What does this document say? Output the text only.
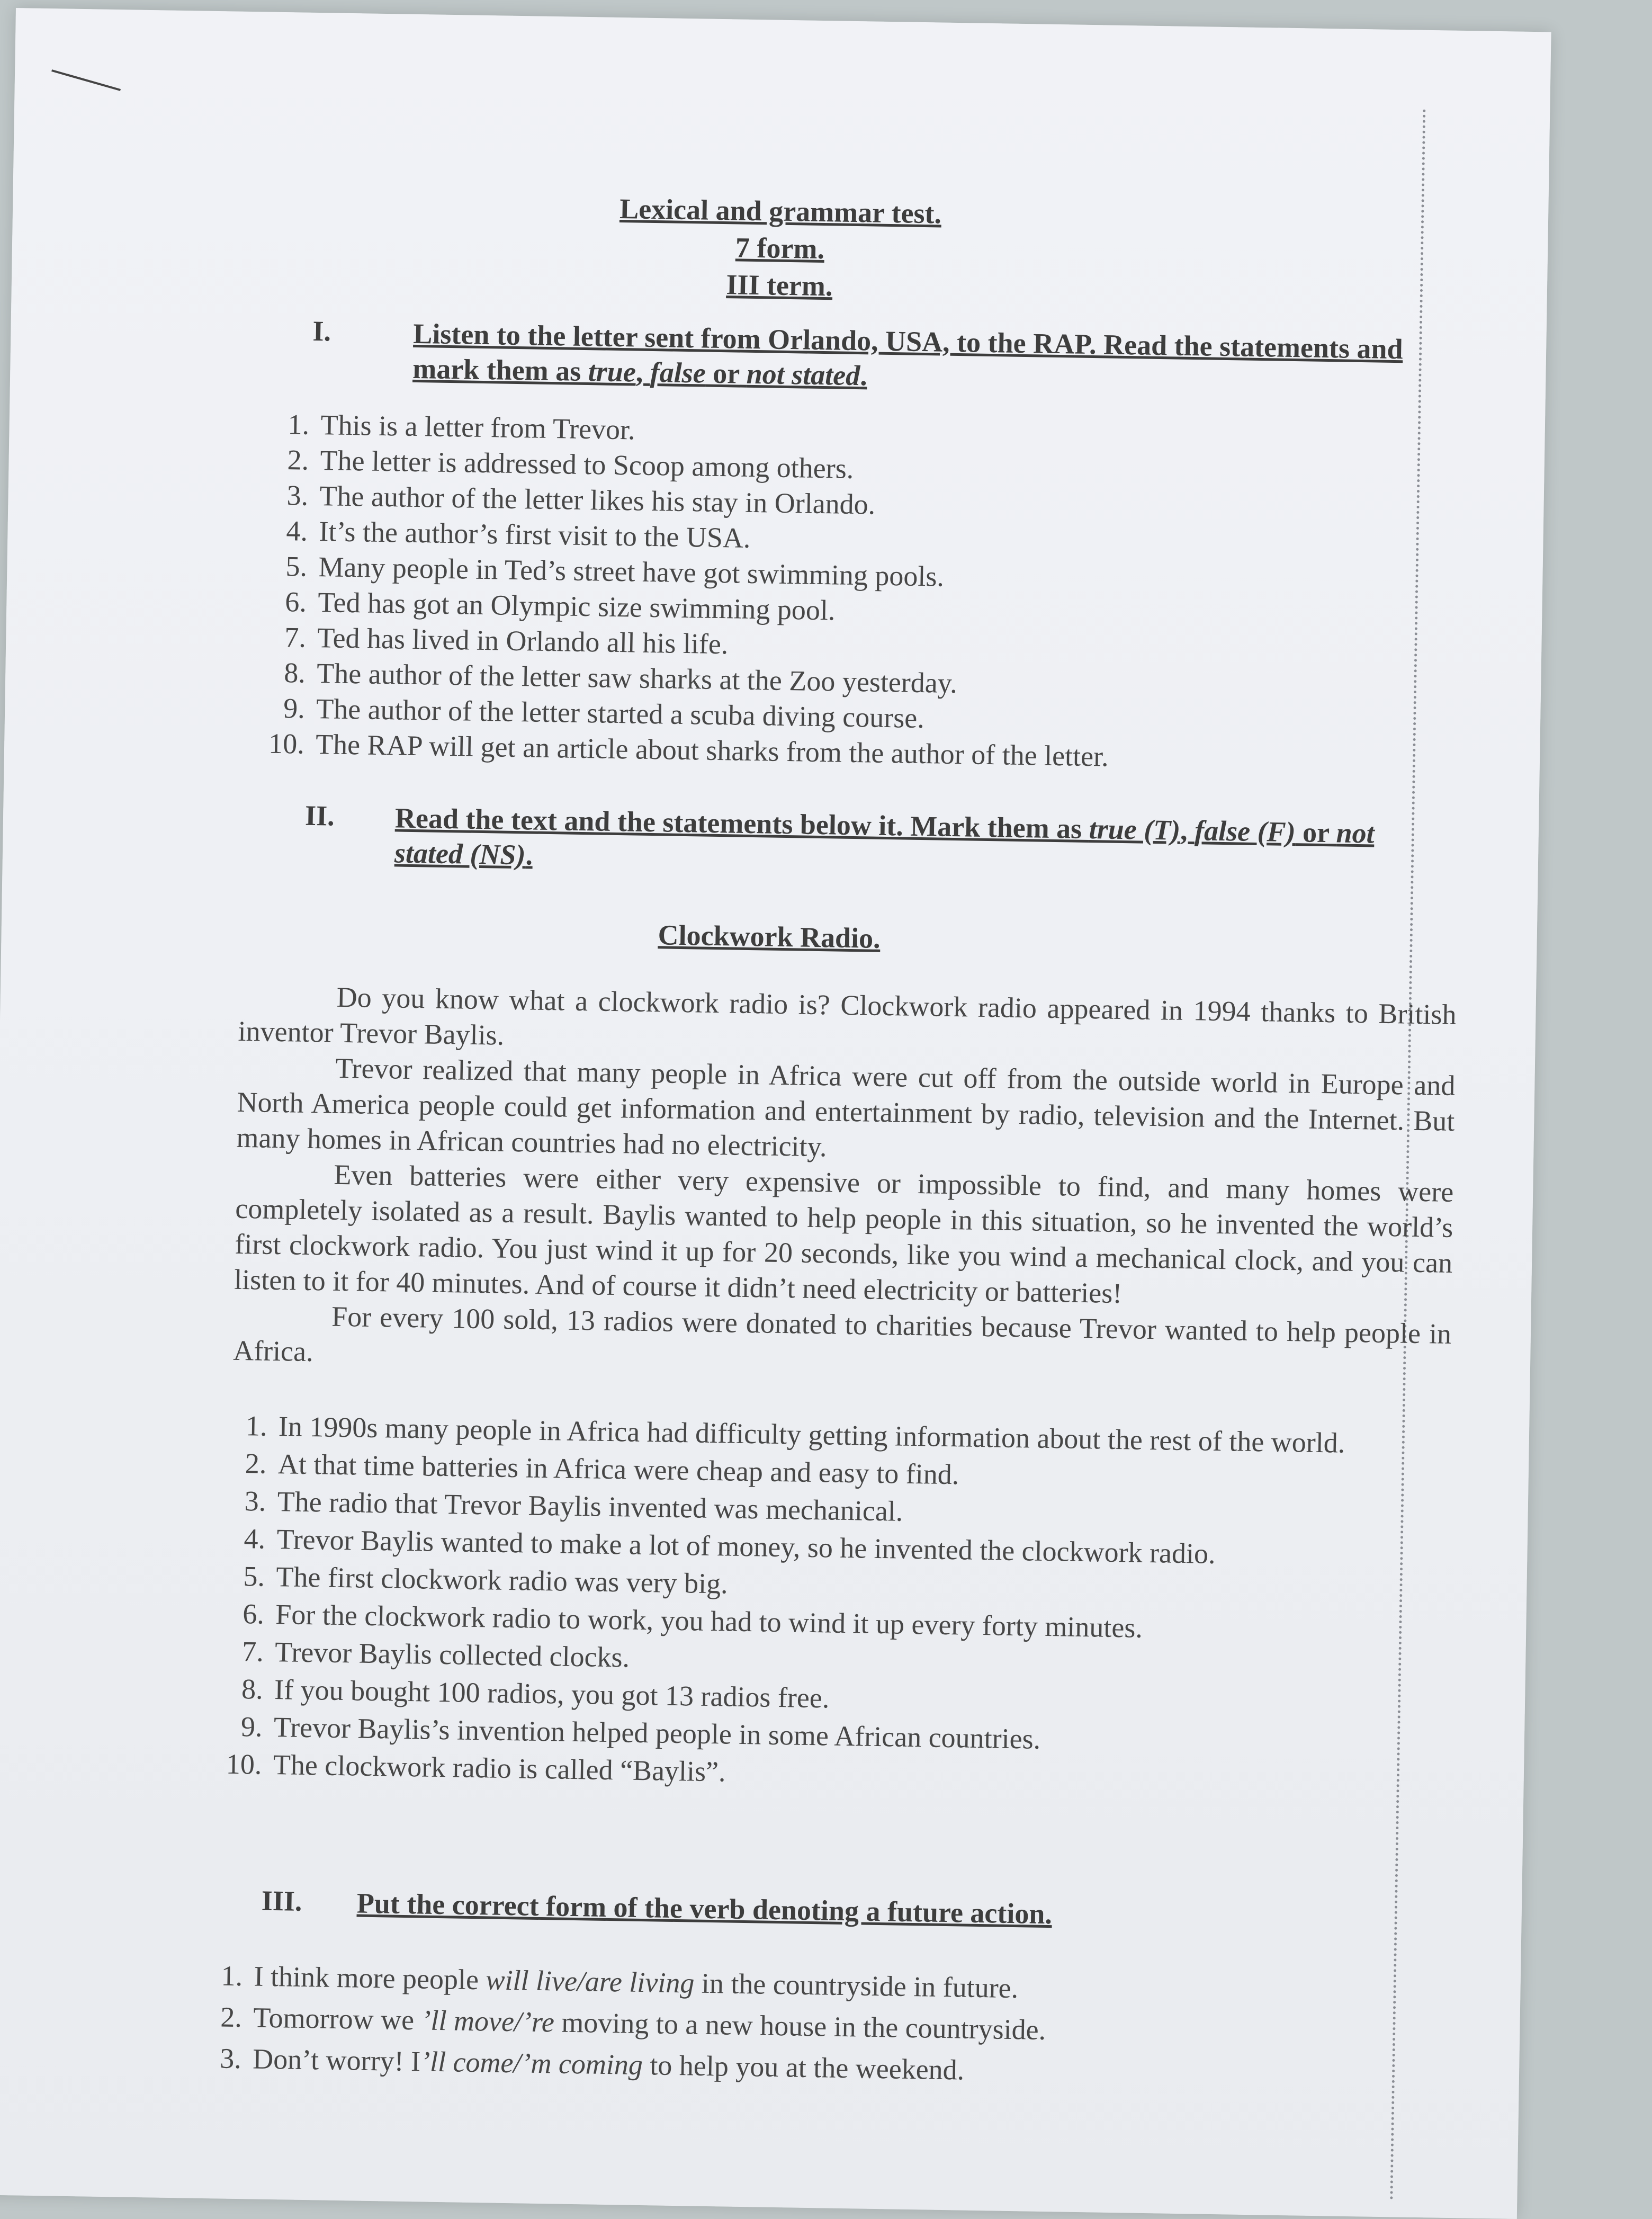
Lexical and grammar test.
7 form.
III term.
I.	Listen to the letter sent from Orlando, USA, to the RAP. Read the statements and mark them as true, false or not stated.

1. This is a letter from Trevor.
2. The letter is addressed to Scoop among others.
3. The author of the letter likes his stay in Orlando.
4. It’s the author’s first visit to the USA.
5. Many people in Ted’s street have got swimming pools.
6. Ted has got an Olympic size swimming pool.
7. Ted has lived in Orlando all his life.
8. The author of the letter saw sharks at the Zoo yesterday.
9. The author of the letter started a scuba diving course.
10. The RAP will get an article about sharks from the author of the letter.
II. Read the text and the statements below it. Mark them as true (T), false (F) or not stated (NS).

Clockwork Radio.

Do you know what a clockwork radio is? Clockwork radio appeared in 1994 thanks to British inventor Trevor Baylis.

Trevor realized that many people in Africa were cut off from the outside world in Europe and North America people could get information and entertainment by radio, television and the Internet. But many homes in African countries had no electricity.

Even batteries were either very expensive or impossible to find, and many homes were completely isolated as a result. Baylis wanted to help people in this situation, so he invented the world’s first clockwork radio. You just wind it up for 20 seconds, like you wind a mechanical clock, and you can listen to it for 40 minutes. And of course it didn’t need electricity or batteries!

For every 100 sold, 13 radios were donated to charities because Trevor wanted to help people in Africa.

1. In 1990s many people in Africa had difficulty getting information about the rest of the world.
2. At that time batteries in Africa were cheap and easy to find.
3. The radio that Trevor Baylis invented was mechanical.
4. Trevor Baylis wanted to make a lot of money, so he invented the clockwork radio.
5. The first clockwork radio was very big.
6. For the clockwork radio to work, you had to wind it up every forty minutes.
7. Trevor Baylis collected clocks.
8. If you bought 100 radios, you got 13 radios free.
9. Trevor Baylis’s invention helped people in some African countries.
10. The clockwork radio is called “Baylis”.
III. Put the correct form of the verb denoting a future action.

1. I think more people will live/are living in the countryside in future.
2. Tomorrow we ’ll move/’re moving to a new house in the countryside.
3. Don’t worry! I’ll come/’m coming to help you at the weekend.
